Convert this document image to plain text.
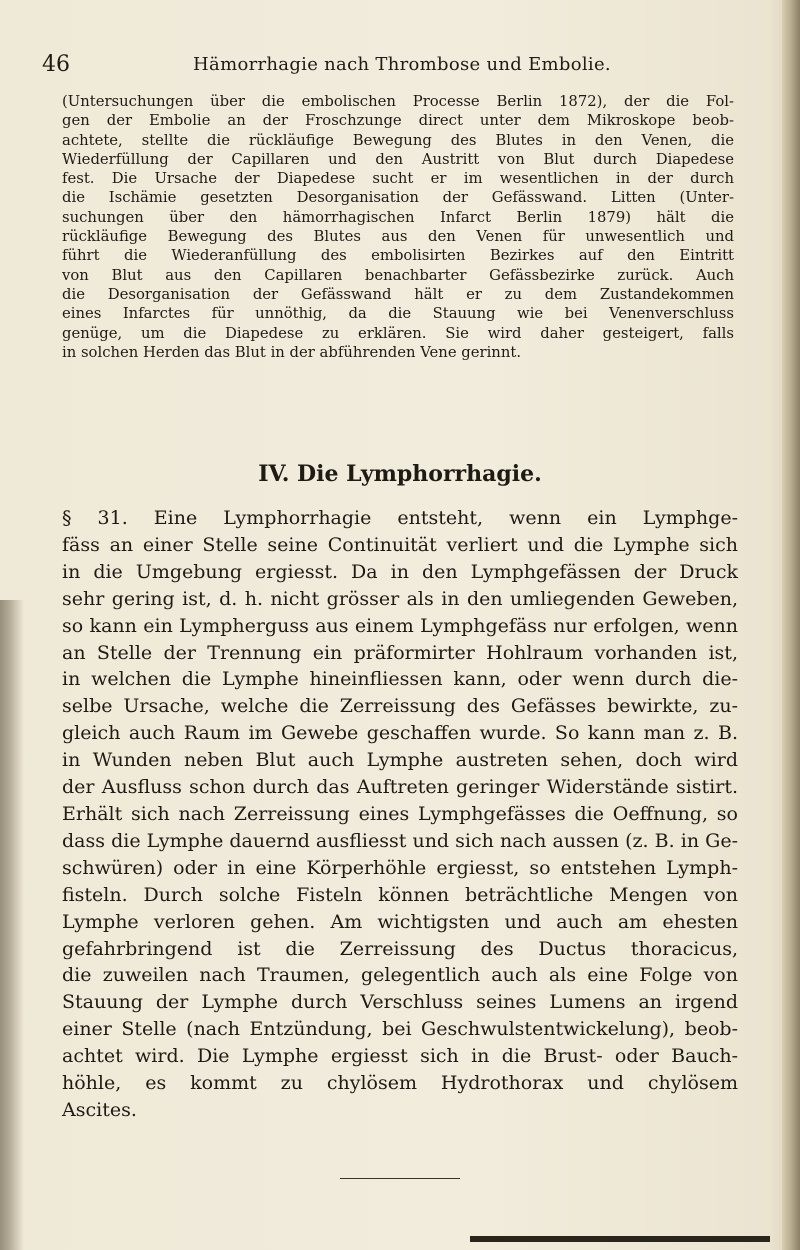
46	Hämorrhagie nach Thrombose und Embolie.
(Untersuchungen über die embolischen Processe Berlin 1872), der die Fol-
gen der Embolie an der Froschzunge direct unter dem Mikroskope beob-
achtete, stellte die rückläufige Bewegung des Blutes in den Venen, die
Wiederfüllung der Capillaren und den Austritt von Blut durch Diapedese
fest. Die Ursache der Diapedese sucht er im wesentlichen in der durch
die Ischämie gesetzten Desorganisation der Gefässwand. Litten (Unter-
suchungen über den hämorrhagischen Infarct Berlin 1879) hält die
rückläufige Bewegung des Blutes aus den Venen für unwesentlich und
führt die Wiederanfüllung des embolisirten Bezirkes auf den Eintritt
von Blut aus den Capillaren benachbarter Gefässbezirke zurück. Auch
die Desorganisation der Gefässwand hält er zu dem Zustandekommen
eines Infarctes für unnöthig, da die Stauung wie bei Venenverschluss
genüge, um die Diapedese zu erklären. Sie wird daher gesteigert, falls
in solchen Herden das Blut in der abführenden Vene gerinnt.
IV. Die Lymphorrhagie.
§ 31. Eine Lymphorrhagie entsteht, wenn ein Lymphge-
fäss an einer Stelle seine Continuität verliert und die Lymphe sich
in die Umgebung ergiesst. Da in den Lymphgefässen der Druck
sehr gering ist, d. h. nicht grösser als in den umliegenden Geweben,
so kann ein Lympherguss aus einem Lymphgefäss nur erfolgen, wenn
an Stelle der Trennung ein präformirter Hohlraum vorhanden ist,
in welchen die Lymphe hineinfliessen kann, oder wenn durch die-
selbe Ursache, welche die Zerreissung des Gefässes bewirkte, zu-
gleich auch Raum im Gewebe geschaffen wurde. So kann man z. B.
in Wunden neben Blut auch Lymphe austreten sehen, doch wird
der Ausfluss schon durch das Auftreten geringer Widerstände sistirt.
Erhält sich nach Zerreissung eines Lymphgefässes die Oeffnung, so
dass die Lymphe dauernd ausfliesst und sich nach aussen (z. B. in Ge-
schwüren) oder in eine Körperhöhle ergiesst, so entstehen Lymph-
fisteln. Durch solche Fisteln können beträchtliche Mengen von
Lymphe verloren gehen. Am wichtigsten und auch am ehesten
gefahrbringend ist die Zerreissung des Ductus thoracicus,
die zuweilen nach Traumen, gelegentlich auch als eine Folge von
Stauung der Lymphe durch Verschluss seines Lumens an irgend
einer Stelle (nach Entzündung, bei Geschwulstentwickelung), beob-
achtet wird. Die Lymphe ergiesst sich in die Brust- oder Bauch-
höhle, es kommt zu chylösem Hydrothorax und chylösem
Ascites.
